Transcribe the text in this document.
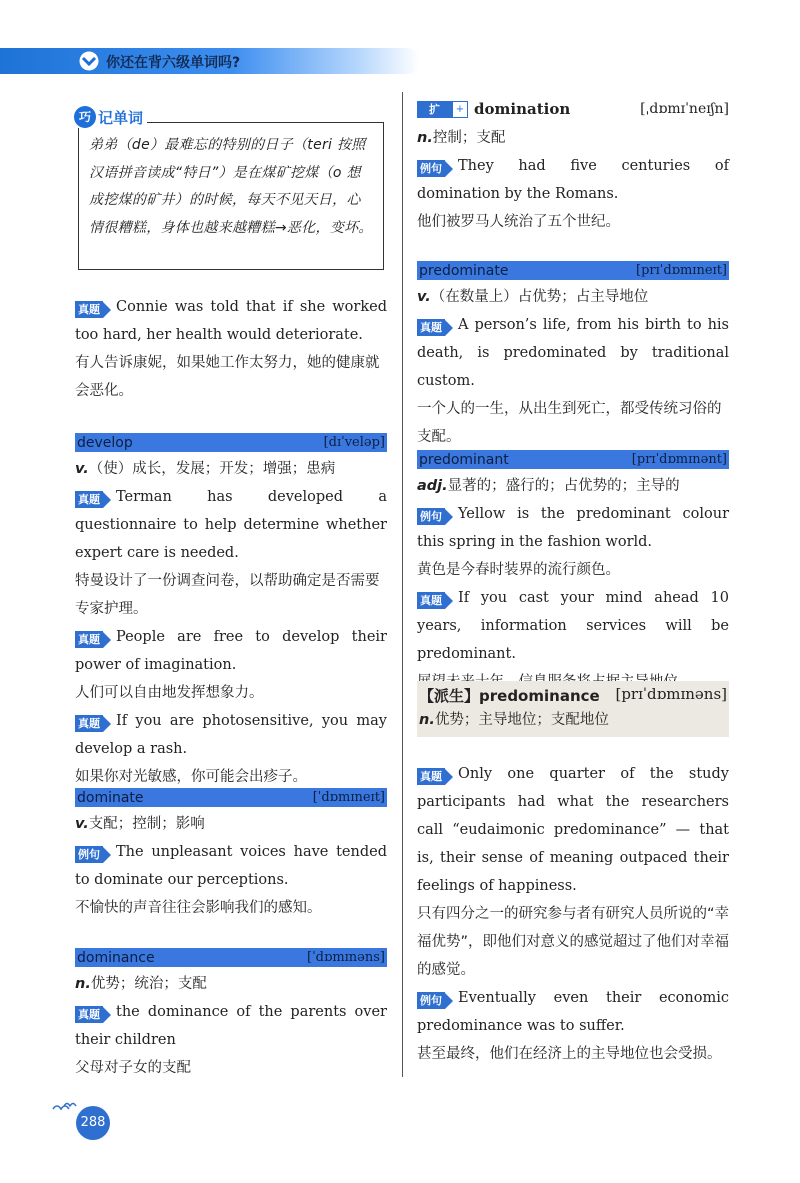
你还在背六级单词吗?
弟弟（de）最难忘的特别的日子（teri 按照汉语拼音读成“特日”）是在煤矿挖煤（o 想成挖煤的矿井）的时候，每天不见天日，心情很糟糕，身体也越来越糟糕→恶化，变坏。
巧 记单词
真题 Connie was told that if she worked too hard, her health would deteriorate.
有人告诉康妮，如果她工作太努力，她的健康就会恶化。
develop	[dɪˈveləp]
v.（使）成长，发展；开发；增强；患病
真题 Terman has developed a questionnaire to help determine whether expert care is needed.
特曼设计了一份调查问卷，以帮助确定是否需要专家护理。
真题 People are free to develop their power of imagination.
人们可以自由地发挥想象力。
真题 If you are photosensitive, you may develop a rash.
如果你对光敏感，你可能会出疹子。
dominate	[ˈdɒmɪneɪt]
v.支配；控制；影响
例句 The unpleasant voices have tended to dominate our perceptions.
不愉快的声音往往会影响我们的感知。
dominance	[ˈdɒmɪnəns]
n.优势；统治；支配
真题 the dominance of the parents over their children
父母对子女的支配
扩	+ domination	[ˌdɒmɪˈneɪʃn]
n.控制；支配
例句 They had five centuries of domination by the Romans.
他们被罗马人统治了五个世纪。
predominate	[prɪˈdɒmɪneɪt]
v.（在数量上）占优势；占主导地位
真题 A person’s life, from his birth to his death, is predominated by traditional custom.
一个人的一生，从出生到死亡，都受传统习俗的支配。
predominant	[prɪˈdɒmɪnənt]
adj.显著的；盛行的；占优势的；主导的
例句 Yellow is the predominant colour this spring in the fashion world.
黄色是今春时装界的流行颜色。
真题 If you cast your mind ahead 10 years, information services will be predominant.
【派生】predominance [prɪˈdɒmɪnəns]
n.优势；主导地位；支配地位
真题 Only one quarter of the study participants had what the researchers call “eudaimonic predominance” — that is, their sense of meaning outpaced their feelings of happiness.
只有四分之一的研究参与者有研究人员所说的“幸福优势”，即他们对意义的感觉超过了他们对幸福的感觉。
例句 Eventually even their economic predominance was to suffer.
甚至最终，他们在经济上的主导地位也会受损。
288
